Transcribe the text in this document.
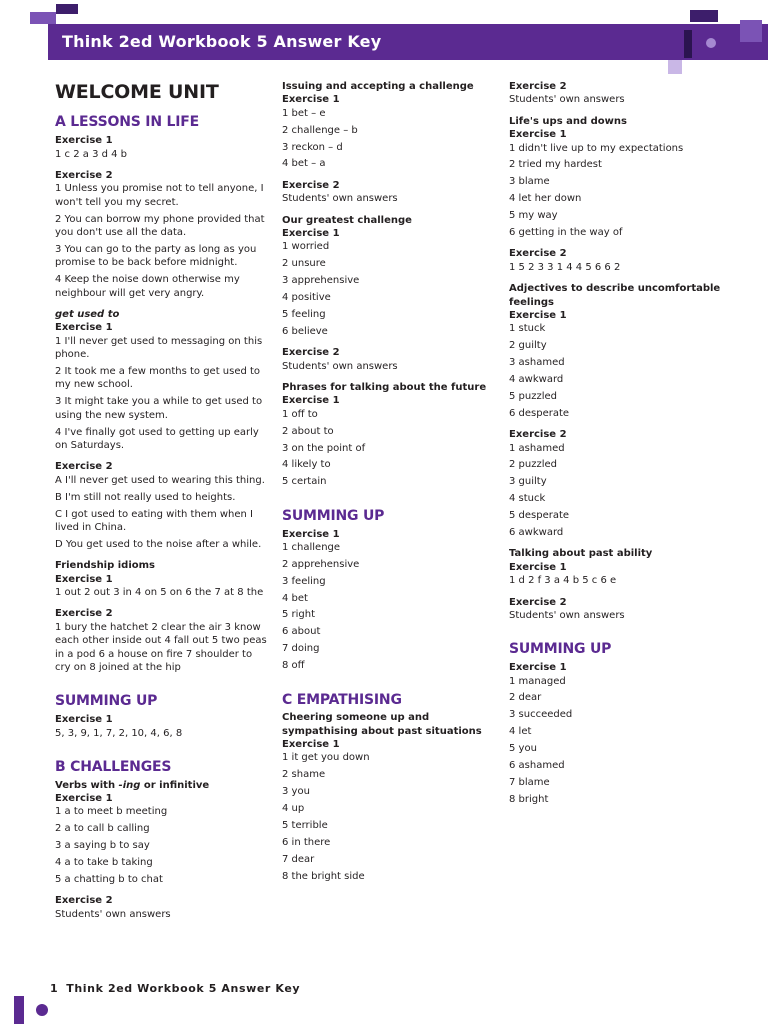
Think 2ed Workbook 5 Answer Key
WELCOME UNIT
A LESSONS IN LIFE
Exercise 1
1 c 2 a 3 d 4 b
Exercise 2
1 Unless you promise not to tell anyone, I won't tell you my secret.
2 You can borrow my phone provided that you don't use all the data.
3 You can go to the party as long as you promise to be back before midnight.
4 Keep the noise down otherwise my neighbour will get very angry.
get used to
Exercise 1
1 I'll never get used to messaging on this phone.
2 It took me a few months to get used to my new school.
3 It might take you a while to get used to using the new system.
4 I've finally got used to getting up early on Saturdays.
Exercise 2
A I'll never get used to wearing this thing.
B I'm still not really used to heights.
C I got used to eating with them when I lived in China.
D You get used to the noise after a while.
Friendship idioms
Exercise 1
1 out 2 out 3 in 4 on 5 on 6 the 7 at 8 the
Exercise 2
1 bury the hatchet 2 clear the air 3 know each other inside out 4 fall out 5 two peas in a pod 6 a house on fire 7 shoulder to cry on 8 joined at the hip
SUMMING UP
Exercise 1
5, 3, 9, 1, 7, 2, 10, 4, 6, 8
B CHALLENGES
Verbs with -ing or infinitive
Exercise 1
1 a to meet b meeting
2 a to call b calling
3 a saying b to say
4 a to take b taking
5 a chatting b to chat
Exercise 2
Students' own answers
Issuing and accepting a challenge
Exercise 1
1 bet – e
2 challenge – b
3 reckon – d
4 bet – a
Exercise 2
Students' own answers
Our greatest challenge
Exercise 1
1 worried
2 unsure
3 apprehensive
4 positive
5 feeling
6 believe
Exercise 2
Students' own answers
Phrases for talking about the future
Exercise 1
1 off to
2 about to
3 on the point of
4 likely to
5 certain
SUMMING UP
Exercise 1
1 challenge
2 apprehensive
3 feeling
4 bet
5 right
6 about
7 doing
8 off
C EMPATHISING
Cheering someone up and sympathising about past situations
Exercise 1
1 it get you down
2 shame
3 you
4 up
5 terrible
6 in there
7 dear
8 the bright side
Exercise 2
Students' own answers
Life's ups and downs
Exercise 1
1 didn't live up to my expectations
2 tried my hardest
3 blame
4 let her down
5 my way
6 getting in the way of
Exercise 2
1 5 2 3 3 1 4 4 5 6 6 2
Adjectives to describe uncomfortable feelings
Exercise 1
1 stuck
2 guilty
3 ashamed
4 awkward
5 puzzled
6 desperate
Exercise 2
1 ashamed
2 puzzled
3 guilty
4 stuck
5 desperate
6 awkward
Talking about past ability
Exercise 1
1 d 2 f 3 a 4 b 5 c 6 e
Exercise 2
Students' own answers
SUMMING UP
Exercise 1
1 managed
2 dear
3 succeeded
4 let
5 you
6 ashamed
7 blame
8 bright
1 Think 2ed Workbook 5 Answer Key
